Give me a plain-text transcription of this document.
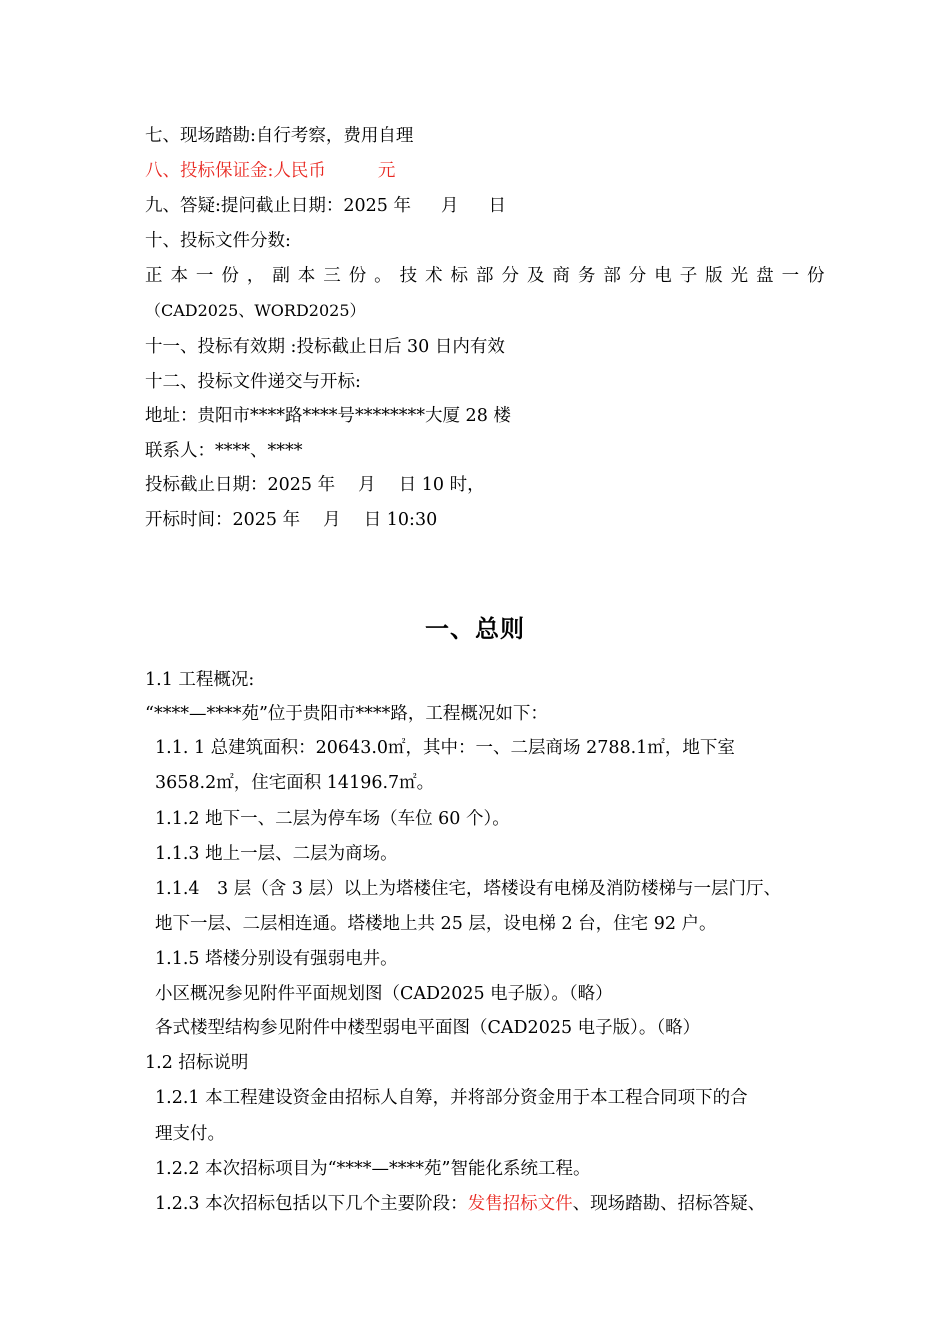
七、现场踏勘:自行考察，费用自理
八、投标保证金:人民币	元
九、答疑:提问截止日期：2025 年 月 日
十、投标文件分数:
正 本 一 份 ， 副 本 三 份 。 技 术 标 部 分 及 商 务 部 分 电 子 版 光 盘 一 份
（CAD2025、WORD2025）
十一、投标有效期 :投标截止日后 30 日内有效
十二、投标文件递交与开标:
地址：贵阳市****路****号********大厦 28 楼
联系人：****、****
投标截止日期：2025 年　 月　 日 10 时，
开标时间：2025 年　 月　 日 10:30
一、总则
1.1 工程概况:
“****—****苑”位于贵阳市****路，工程概况如下：
1.1. 1 总建筑面积：20643.0㎡，其中：一、二层商场 2788.1㎡，地下室
3658.2㎡，住宅面积 14196.7㎡。
1.1.2 地下一、二层为停车场（车位 60 个）。
1.1.3 地上一层、二层为商场。
1.1.4　3 层（含 3 层）以上为塔楼住宅，塔楼设有电梯及消防楼梯与一层门厅、
地下一层、二层相连通。塔楼地上共 25 层，设电梯 2 台，住宅 92 户。
1.1.5 塔楼分别设有强弱电井。
小区概况参见附件平面规划图（CAD2025 电子版）。（略）
各式楼型结构参见附件中楼型弱电平面图（CAD2025 电子版）。（略）
1.2 招标说明
1.2.1 本工程建设资金由招标人自筹，并将部分资金用于本工程合同项下的合
理支付。
1.2.2 本次招标项目为“****—****苑”智能化系统工程。
1.2.3 本次招标包括以下几个主要阶段：发售招标文件、现场踏勘、招标答疑、
